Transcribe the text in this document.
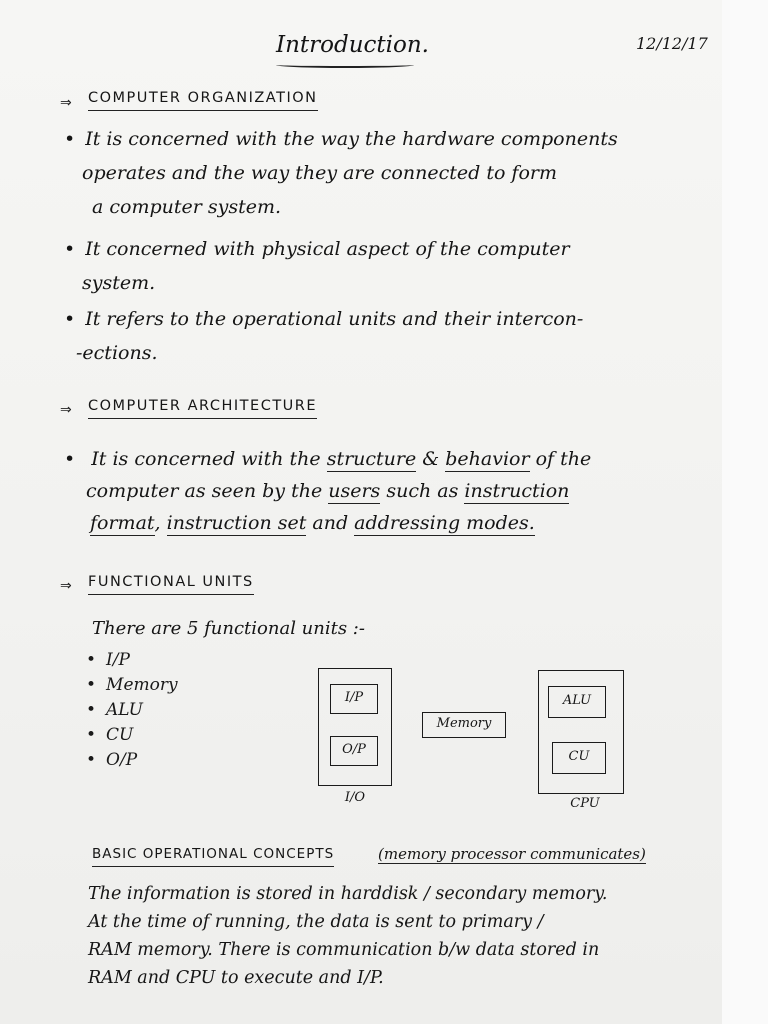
Introduction.	12/12/17
⇒ COMPUTER ORGANIZATION
• It is concerned with the way the hardware components
operates and the way they are connected to form
a computer system.
• It concerned with physical aspect of the computer
system.
• It refers to the operational units and their intercon-
-ections.
⇒ COMPUTER ARCHITECTURE
• It is concerned with the structure & behavior of the
computer as seen by the users such as instruction
format, instruction set and addressing modes.
⇒ FUNCTIONAL UNITS
There are 5 functional units :-
• I/P
• Memory
• ALU
• CU
• O/P
I/P
O/P
I/O
Memory
ALU
CU
CPU
BASIC OPERATIONAL CONCEPTS	(memory processor communicates)
The information is stored in harddisk / secondary memory.
At the time of running, the data is sent to primary /
RAM memory. There is communication b/w data stored in
RAM and CPU to execute and I/P.
